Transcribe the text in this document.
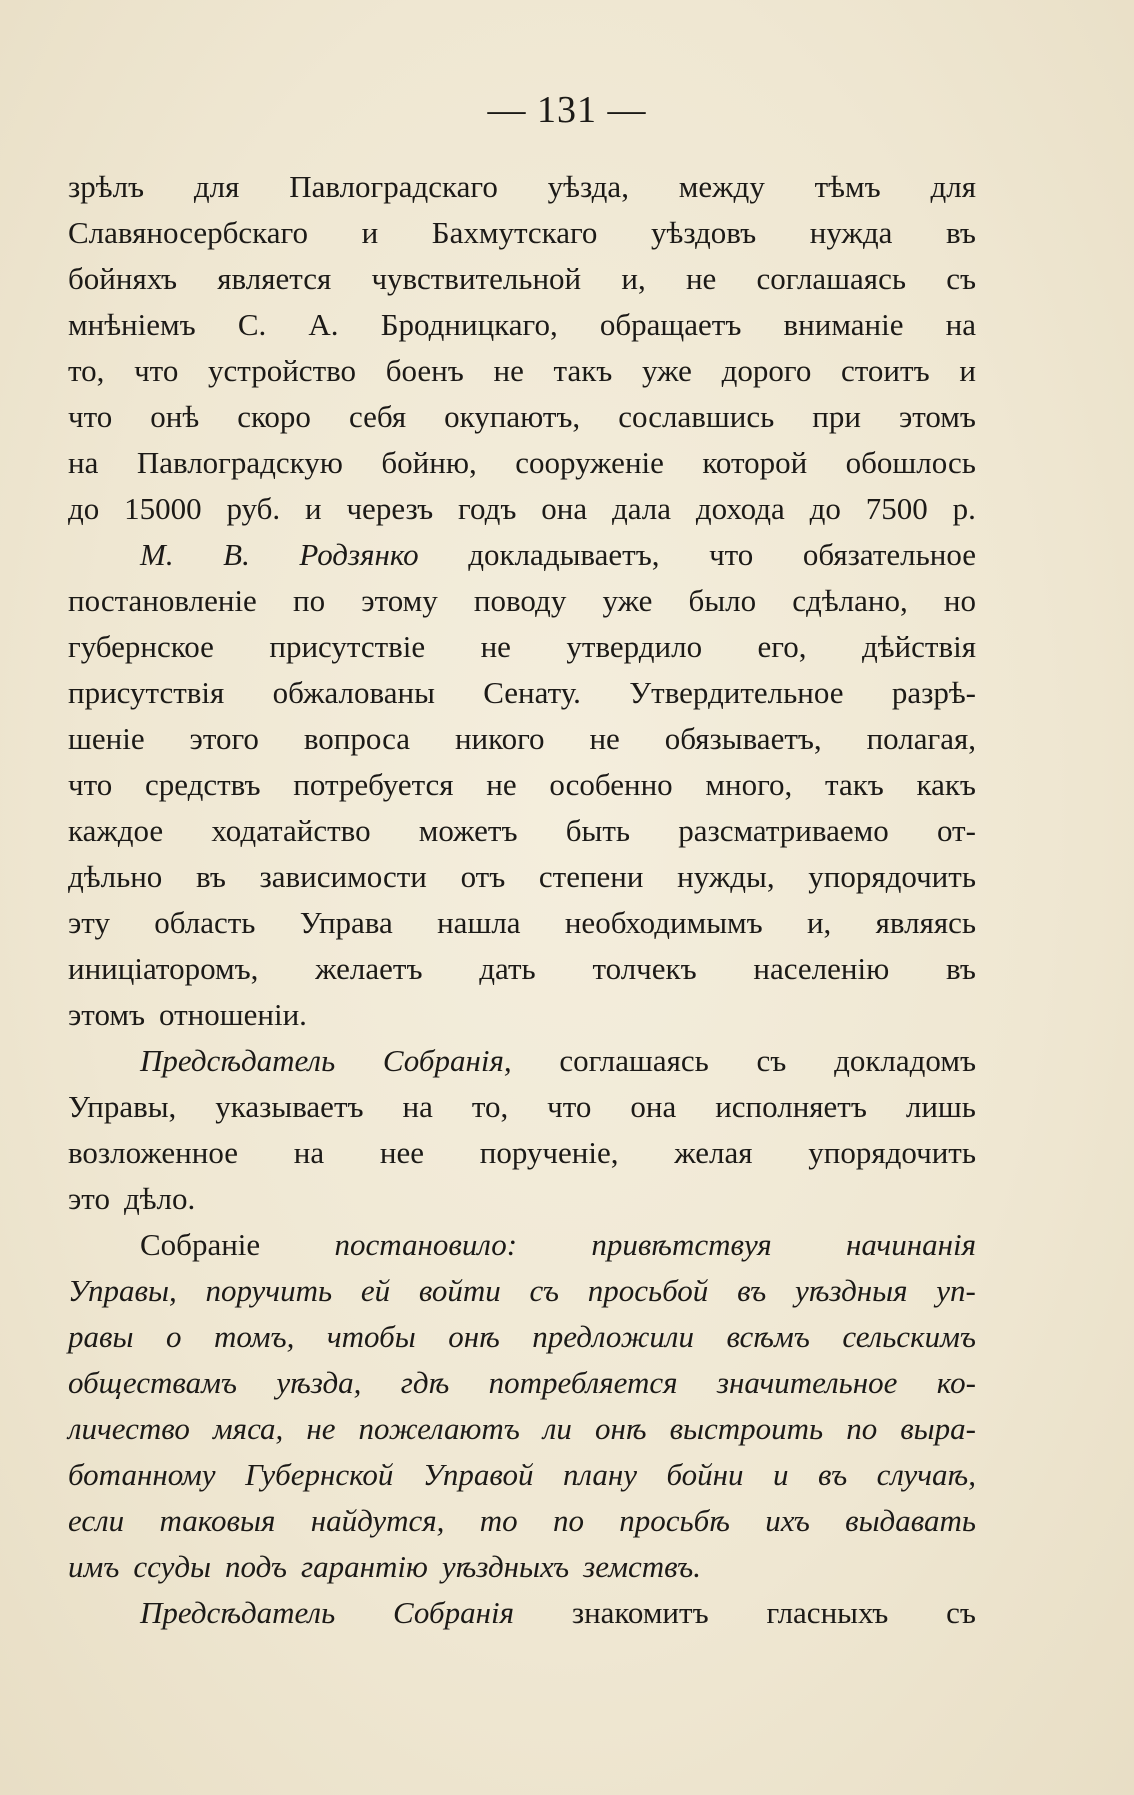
— 131 —
зрѣлъ для Павлоградскаго уѣзда, между тѣмъ для
Славяносербскаго и Бахмутскаго уѣздовъ нужда въ
бойняхъ является чувствительной и, не соглашаясь съ
мнѣніемъ С. А. Бродницкаго, обращаетъ вниманіе на
то, что устройство боенъ не такъ уже дорого стоитъ и
что онѣ скоро себя окупаютъ, сославшись при этомъ
на Павлоградскую бойню, сооруженіе которой обошлось
до 15000 руб. и черезъ годъ она дала дохода до 7500 р.
М. В. Родзянко докладываетъ, что обязательное
постановленіе по этому поводу уже было сдѣлано, но
губернское присутствіе не утвердило его, дѣйствія
присутствія обжалованы Сенату. Утвердительное разрѣ-
шеніе этого вопроса никого не обязываетъ, полагая,
что средствъ потребуется не особенно много, такъ какъ
каждое ходатайство можетъ быть разсматриваемо от-
дѣльно въ зависимости отъ степени нужды, упорядочить
эту область Управа нашла необходимымъ и, являясь
иниціаторомъ, желаетъ дать толчекъ населенію въ
этомъ отношеніи.
Предсѣдатель Собранія, соглашаясь съ докладомъ
Управы, указываетъ на то, что она исполняетъ лишь
возложенное на нее порученіе, желая упорядочить
это дѣло.
Собраніе постановило: привѣтствуя начинанія
Управы, поручить ей войти съ просьбой въ уѣздныя уп-
равы о томъ, чтобы онѣ предложили всѣмъ сельскимъ
обществамъ уѣзда, гдѣ потребляется значительное ко-
личество мяса, не пожелаютъ ли онѣ выстроить по выра-
ботанному Губернской Управой плану бойни и въ случаѣ,
если таковыя найдутся, то по просьбѣ ихъ выдавать
имъ ссуды подъ гарантію уѣздныхъ земствъ.
Предсѣдатель Собранія знакомитъ гласныхъ съ
